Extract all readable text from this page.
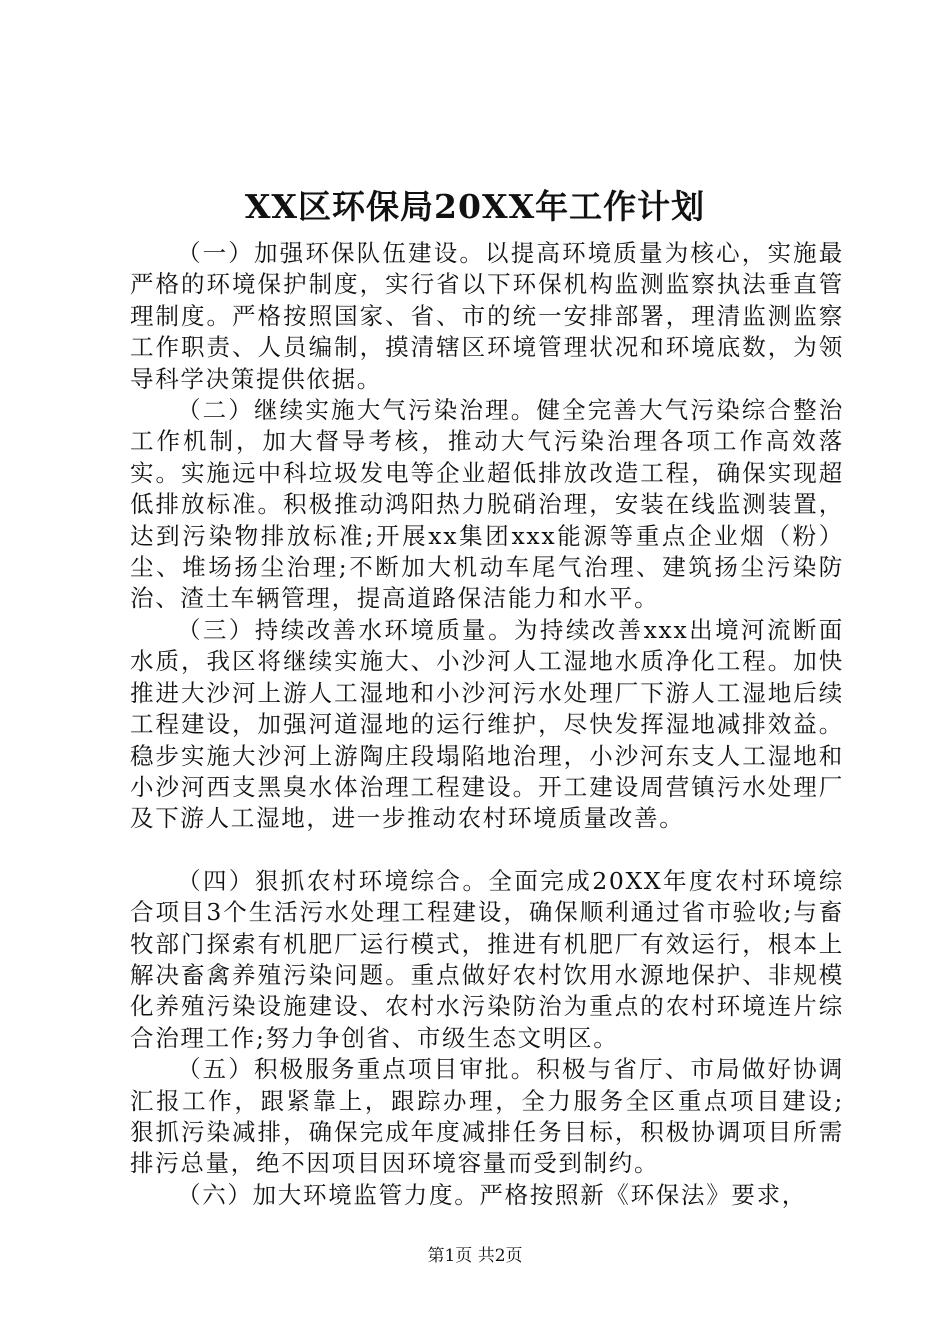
XX区环保局20XX年工作计划

（一）加强环保队伍建设。以提高环境质量为核心，实施最严格的环境保护制度，实行省以下环保机构监测监察执法垂直管理制度。严格按照国家、省、市的统一安排部署，理清监测监察工作职责、人员编制，摸清辖区环境管理状况和环境底数，为领导科学决策提供依据。

（二）继续实施大气污染治理。健全完善大气污染综合整治工作机制，加大督导考核，推动大气污染治理各项工作高效落实。实施远中科垃圾发电等企业超低排放改造工程，确保实现超低排放标准。积极推动鸿阳热力脱硝治理，安装在线监测装置，达到污染物排放标准;开展xx集团xxx能源等重点企业烟（粉）尘、堆场扬尘治理;不断加大机动车尾气治理、建筑扬尘污染防治、渣土车辆管理，提高道路保洁能力和水平。

（三）持续改善水环境质量。为持续改善xxx出境河流断面水质，我区将继续实施大、小沙河人工湿地水质净化工程。加快推进大沙河上游人工湿地和小沙河污水处理厂下游人工湿地后续工程建设，加强河道湿地的运行维护，尽快发挥湿地减排效益。稳步实施大沙河上游陶庄段塌陷地治理，小沙河东支人工湿地和小沙河西支黑臭水体治理工程建设。开工建设周营镇污水处理厂及下游人工湿地，进一步推动农村环境质量改善。

（四）狠抓农村环境综合。全面完成20XX年度农村环境综合项目3个生活污水处理工程建设，确保顺利通过省市验收;与畜牧部门探索有机肥厂运行模式，推进有机肥厂有效运行，根本上解决畜禽养殖污染问题。重点做好农村饮用水源地保护、非规模化养殖污染设施建设、农村水污染防治为重点的农村环境连片综合治理工作;努力争创省、市级生态文明区。

（五）积极服务重点项目审批。积极与省厅、市局做好协调汇报工作，跟紧靠上，跟踪办理，全力服务全区重点项目建设;狠抓污染减排，确保完成年度减排任务目标，积极协调项目所需排污总量，绝不因项目因环境容量而受到制约。

（六）加大环境监管力度。严格按照新《环保法》要求，

第1页 共2页
